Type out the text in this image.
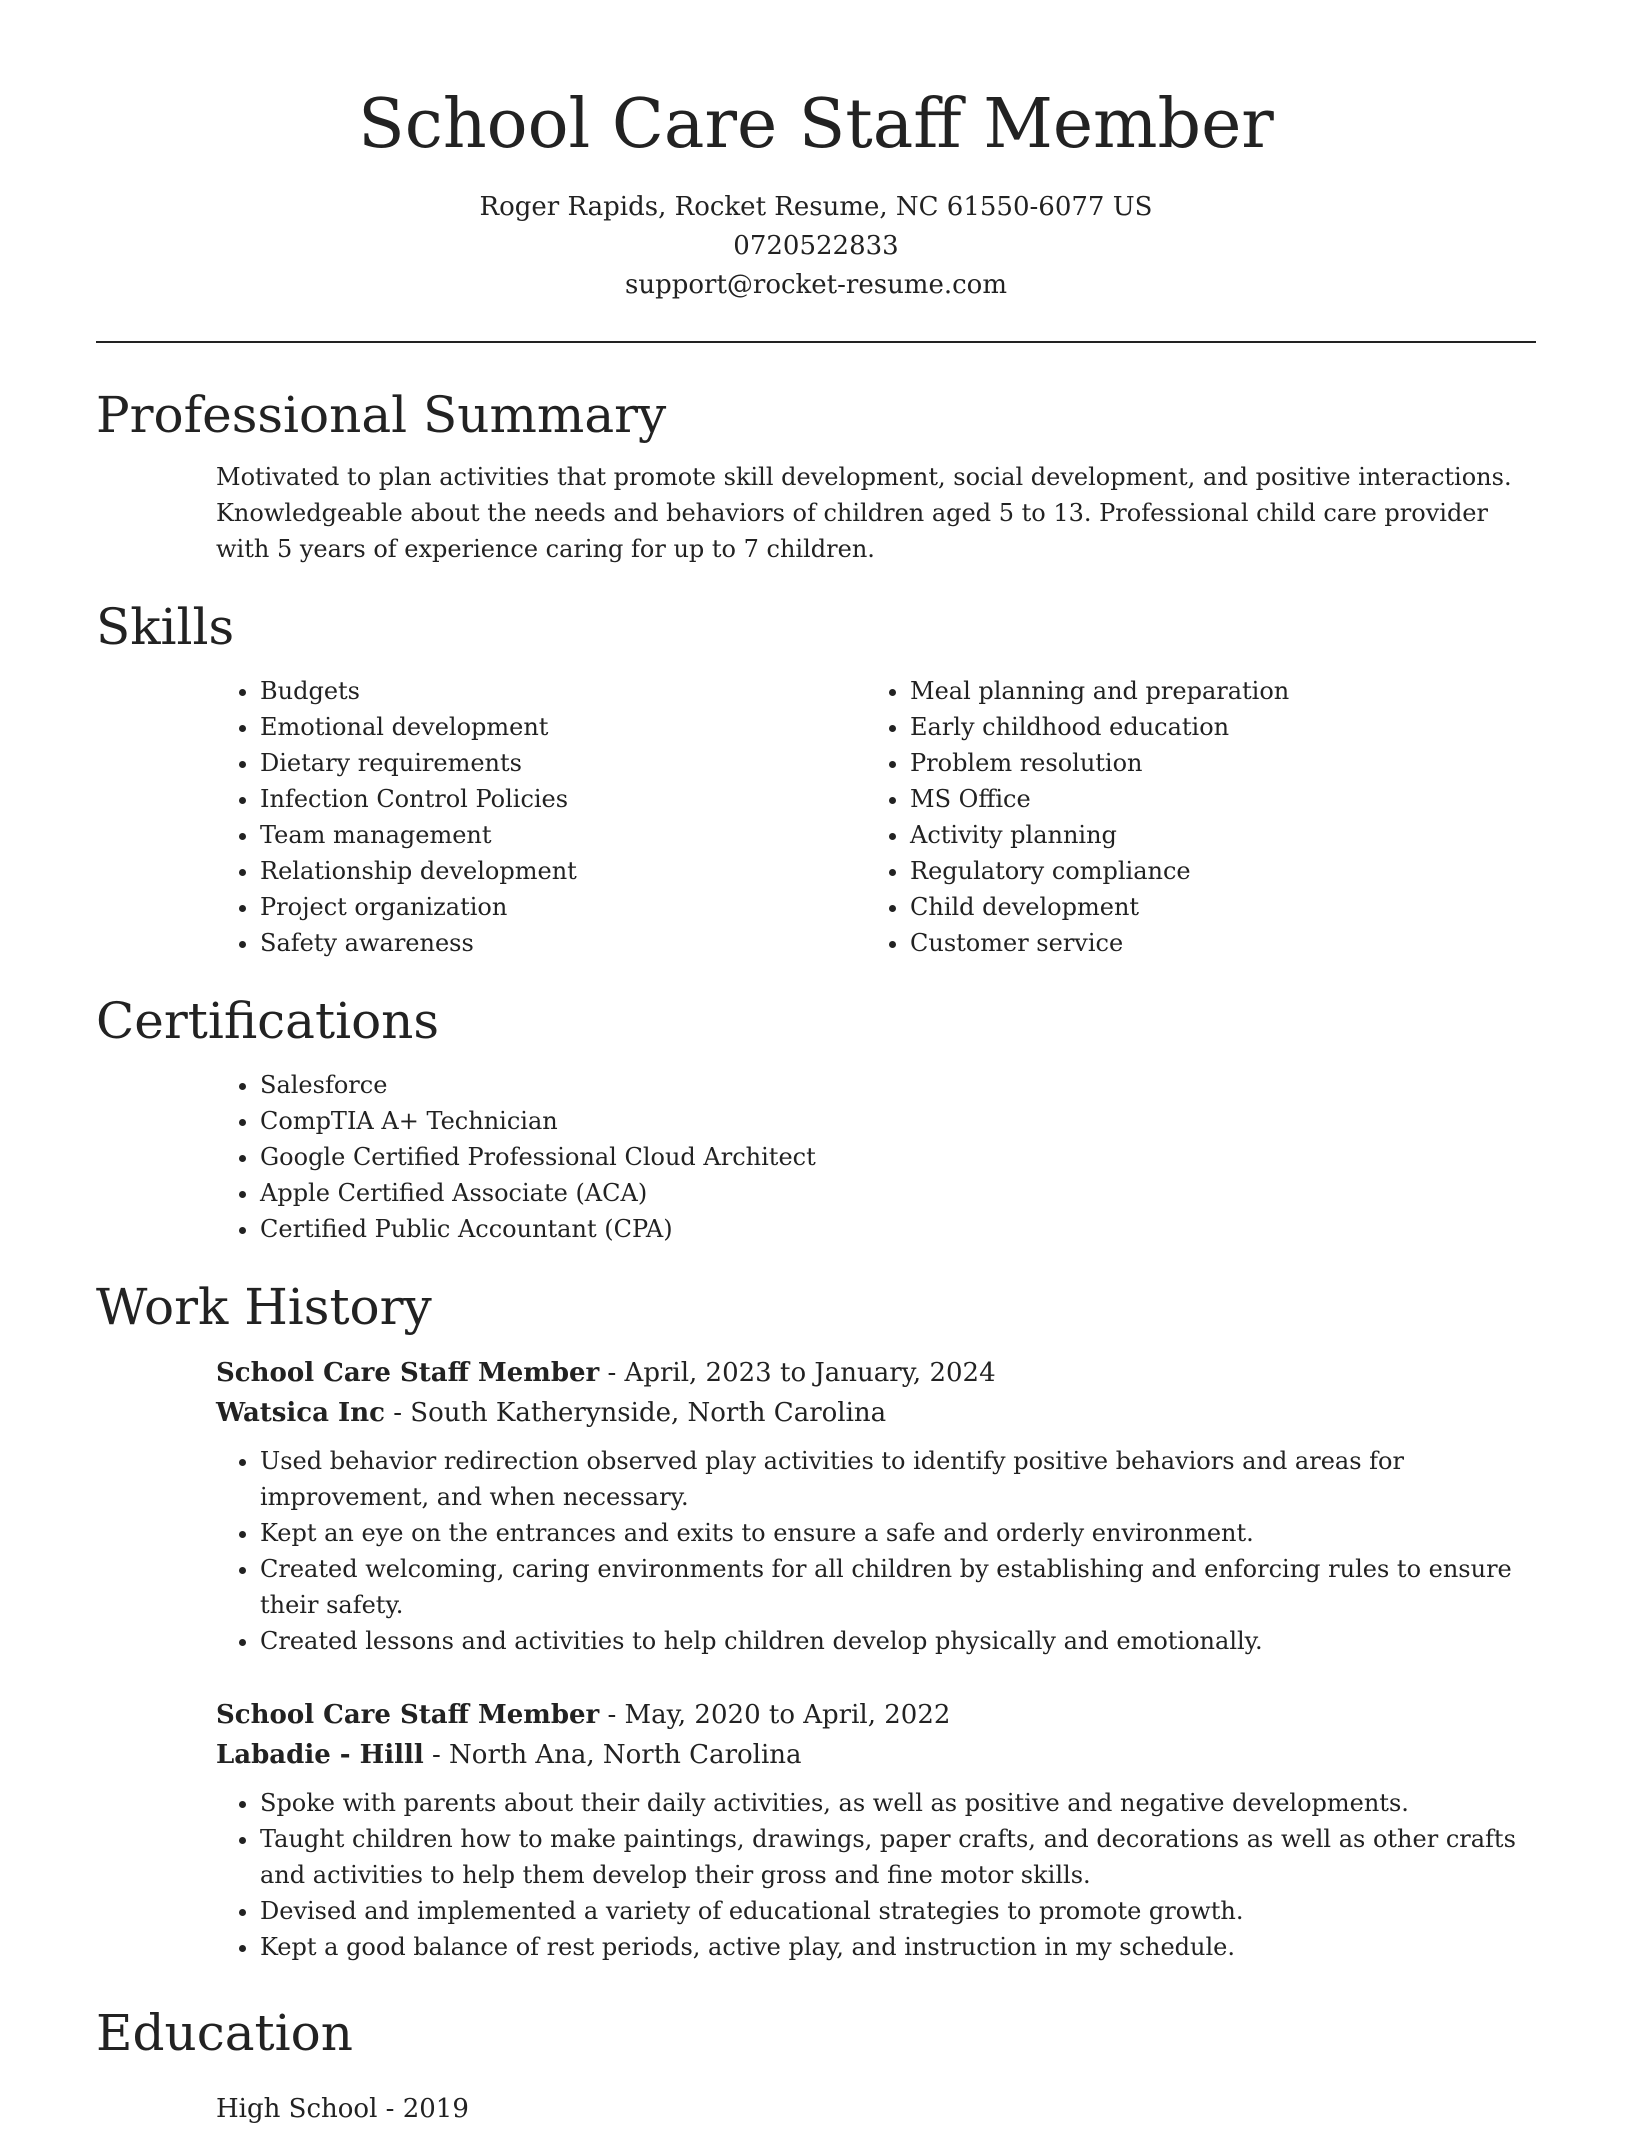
School Care Staff Member
Roger Rapids, Rocket Resume, NC 61550-6077 US
0720522833
support@rocket-resume.com
Professional Summary

Motivated to plan activities that promote skill development, social development, and positive interactions. Knowledgeable about the needs and behaviors of children aged 5 to 13. Professional child care provider with 5 years of experience caring for up to 7 children.

Skills
• Budgets
• Emotional development
• Dietary requirements
• Infection Control Policies
• Team management
• Relationship development
• Project organization
• Safety awareness
• Meal planning and preparation
• Early childhood education
• Problem resolution
• MS Office
• Activity planning
• Regulatory compliance
• Child development
• Customer service
Certifications
• Salesforce
• CompTIA A+ Technician
• Google Certified Professional Cloud Architect
• Apple Certified Associate (ACA)
• Certified Public Accountant (CPA)
Work History
School Care Staff Member - April, 2023 to January, 2024
Watsica Inc - South Katherynside, North Carolina
• Used behavior redirection observed play activities to identify positive behaviors and areas for improvement, and when necessary.
• Kept an eye on the entrances and exits to ensure a safe and orderly environment.
• Created welcoming, caring environments for all children by establishing and enforcing rules to ensure their safety.
• Created lessons and activities to help children develop physically and emotionally.
School Care Staff Member - May, 2020 to April, 2022
Labadie - Hilll - North Ana, North Carolina
• Spoke with parents about their daily activities, as well as positive and negative developments.
• Taught children how to make paintings, drawings, paper crafts, and decorations as well as other crafts and activities to help them develop their gross and fine motor skills.
• Devised and implemented a variety of educational strategies to promote growth.
• Kept a good balance of rest periods, active play, and instruction in my schedule.
Education
High School - 2019
